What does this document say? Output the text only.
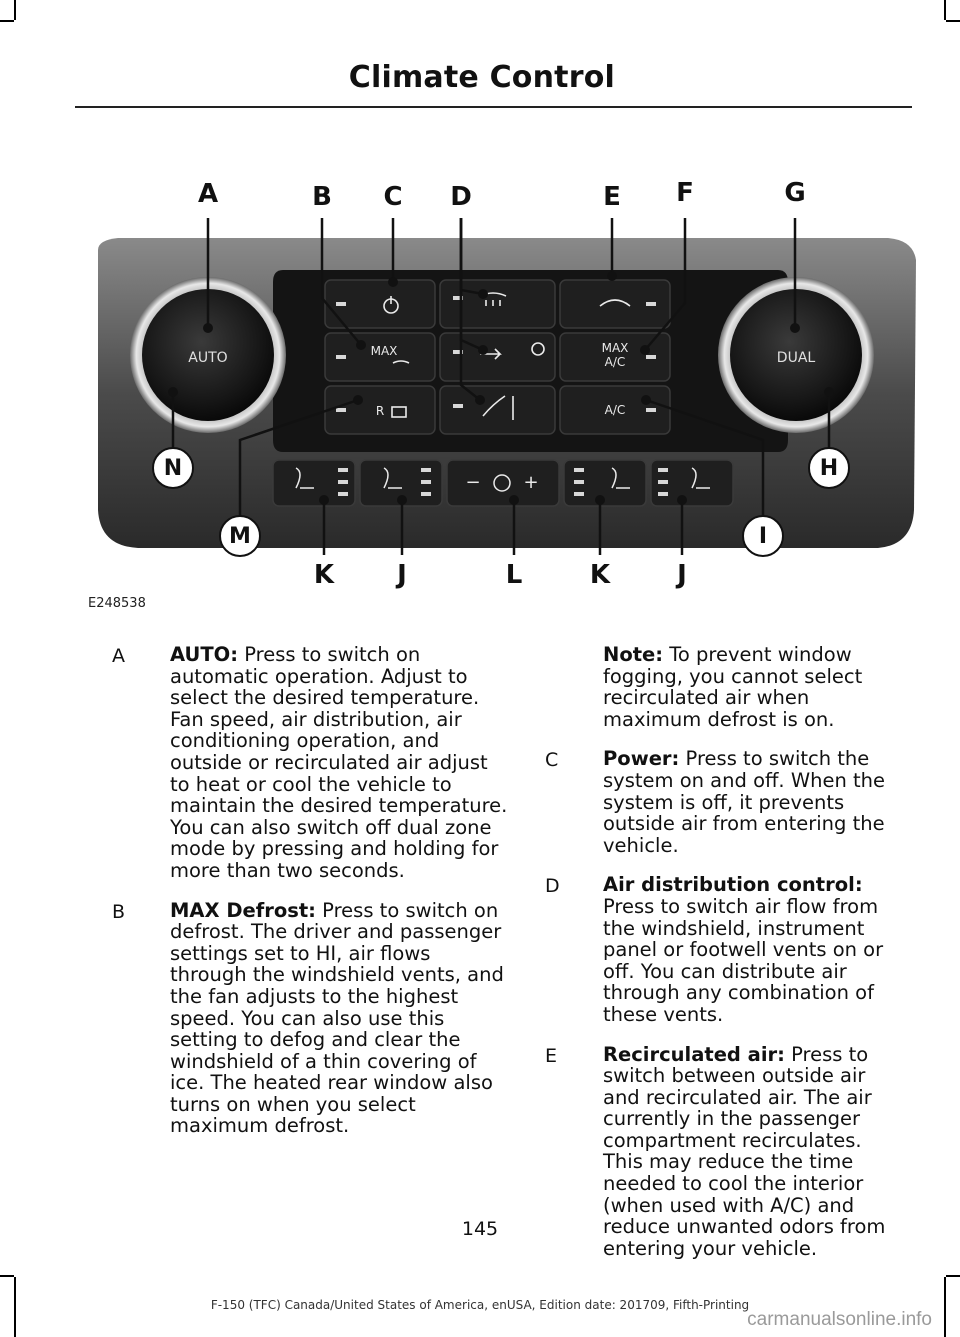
Climate Control
MAX
R
MAX
A/C
A/C
AUTO	DUAL
− +
A	B C D	E F	G
N	H
M	I
K J	L	K	J
E248538
A	AUTO: Press to switch on automatic operation. Adjust to select the desired temperature. Fan speed, air distribution, air conditioning operation, and outside or recirculated air adjust to heat or cool the vehicle to maintain the desired temperature. You can also switch off dual zone mode by pressing and holding for more than two seconds.
B	MAX Defrost: Press to switch on defrost. The driver and passenger settings set to HI, air flows through the windshield vents, and the fan adjusts to the highest speed. You can also use this setting to defog and clear the windshield of a thin covering of ice. The heated rear window also turns on when you select maximum defrost.
Note: To prevent window fogging, you cannot select recirculated air when maximum defrost is on.
C	Power: Press to switch the system on and off. When the system is off, it prevents outside air from entering the vehicle.
D	Air distribution control: Press to switch air flow from the windshield, instrument panel or footwell vents on or off. You can distribute air through any combination of these vents.
E	Recirculated air: Press to switch between outside air and recirculated air. The air currently in the passenger compartment recirculates. This may reduce the time needed to cool the interior (when used with A/C) and reduce unwanted odors from entering your vehicle.
145
F-150 (TFC) Canada/United States of America, enUSA, Edition date: 201709, Fifth-Printing
carmanualsonline.info
